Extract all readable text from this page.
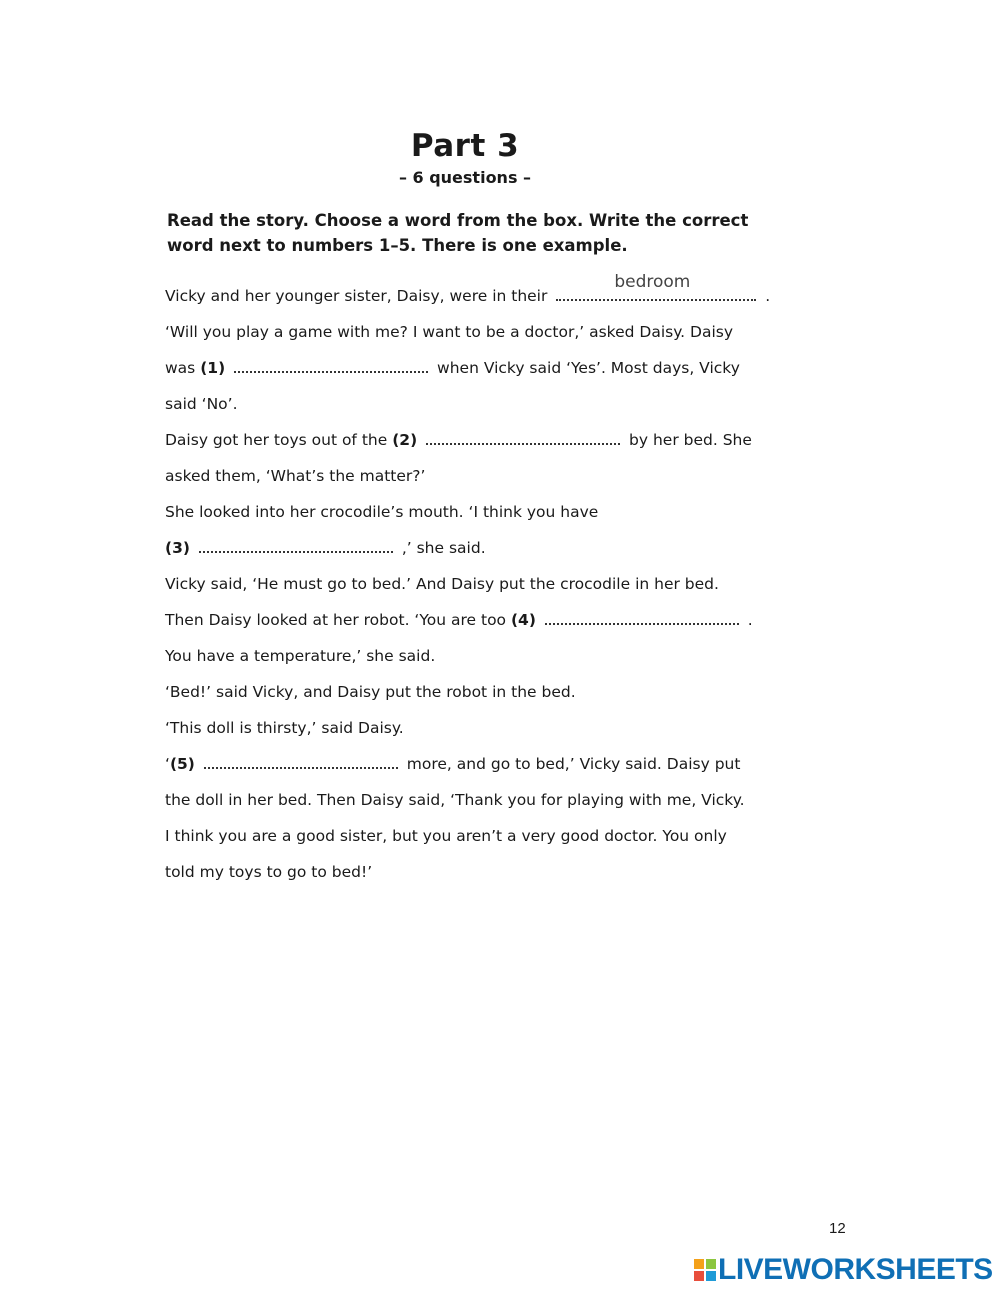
Part 3
– 6 questions –
Read the story. Choose a word from the box. Write the correct word next to numbers 1–5. There is one example.
Vicky and her younger sister, Daisy, were in their
bedroom
.
‘Will you play a game with me? I want to be a doctor,’ asked Daisy. Daisy
was (1)	when Vicky said ‘Yes’. Most days, Vicky
said ‘No’.
Daisy got her toys out of the (2)	by her bed. She
asked them, ‘What’s the matter?’
She looked into her crocodile’s mouth. ‘I think you have
(3)	,’ she said.
Vicky said, ‘He must go to bed.’ And Daisy put the crocodile in her bed.
Then Daisy looked at her robot. ‘You are too (4)	.
You have a temperature,’ she said.
‘Bed!’ said Vicky, and Daisy put the robot in the bed.
‘This doll is thirsty,’ said Daisy.
‘(5)	more, and go to bed,’ Vicky said. Daisy put
the doll in her bed. Then Daisy said, ‘Thank you for playing with me, Vicky.
I think you are a good sister, but you aren’t a very good doctor. You only
told my toys to go to bed!’
12
LIVEWORKSHEETS
